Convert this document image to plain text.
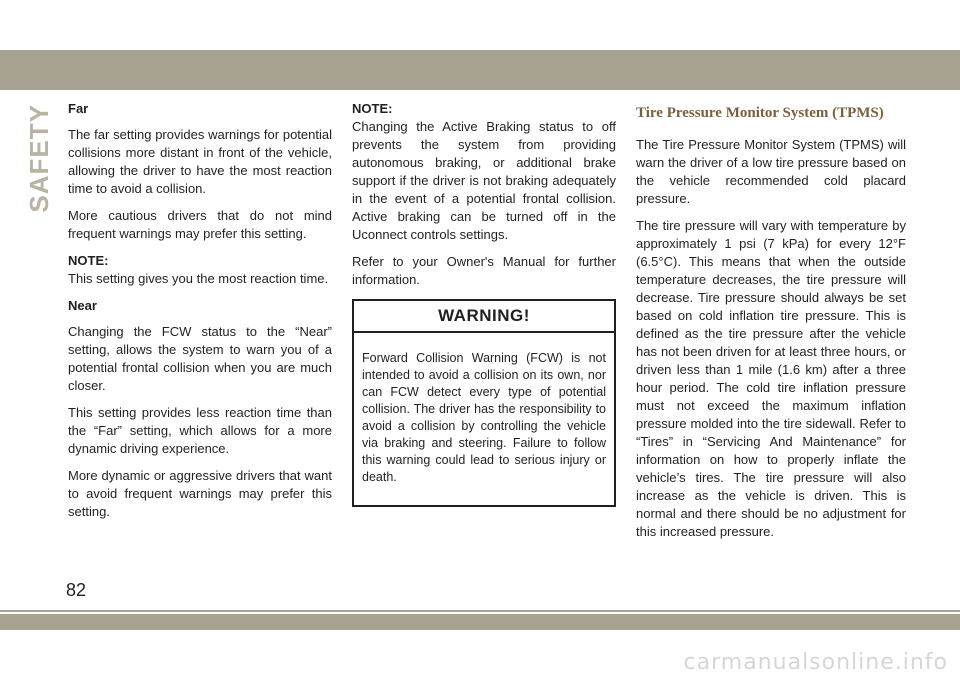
SAFETY Far

The far setting provides warnings for potential collisions more distant in front of the vehicle, allowing the driver to have the most reaction time to avoid a collision.

More cautious drivers that do not mind frequent warnings may prefer this setting.

NOTE:

This setting gives you the most reaction time.

Near

Changing the FCW status to the “Near” setting, allows the system to warn you of a potential frontal collision when you are much closer.

This setting provides less reaction time than the “Far” setting, which allows for a more dynamic driving experience.

More dynamic or aggressive drivers that want to avoid frequent warnings may prefer this setting.

NOTE:

Changing the Active Braking status to off prevents the system from providing autonomous braking, or additional brake support if the driver is not braking adequately in the event of a potential frontal collision. Active braking can be turned off in the Uconnect controls settings.

Refer to your Owner's Manual for further information.

WARNING!

Forward Collision Warning (FCW) is not intended to avoid a collision on its own, nor can FCW detect every type of potential collision. The driver has the responsibility to avoid a collision by controlling the vehicle via braking and steering. Failure to follow this warning could lead to serious injury or death.

Tire Pressure Monitor System (TPMS)

The Tire Pressure Monitor System (TPMS) will warn the driver of a low tire pressure based on the vehicle recommended cold placard pressure.

The tire pressure will vary with temperature by approximately 1 psi (7 kPa) for every 12°F (6.5°C). This means that when the outside temperature decreases, the tire pressure will decrease. Tire pressure should always be set based on cold inflation tire pressure. This is defined as the tire pressure after the vehicle has not been driven for at least three hours, or driven less than 1 mile (1.6 km) after a three hour period. The cold tire inflation pressure must not exceed the maximum inflation pressure molded into the tire sidewall. Refer to “Tires” in “Servicing And Maintenance” for information on how to properly inflate the vehicle’s tires. The tire pressure will also increase as the vehicle is driven. This is normal and there should be no adjustment for this increased pressure.

82
carmanualsonline.info
